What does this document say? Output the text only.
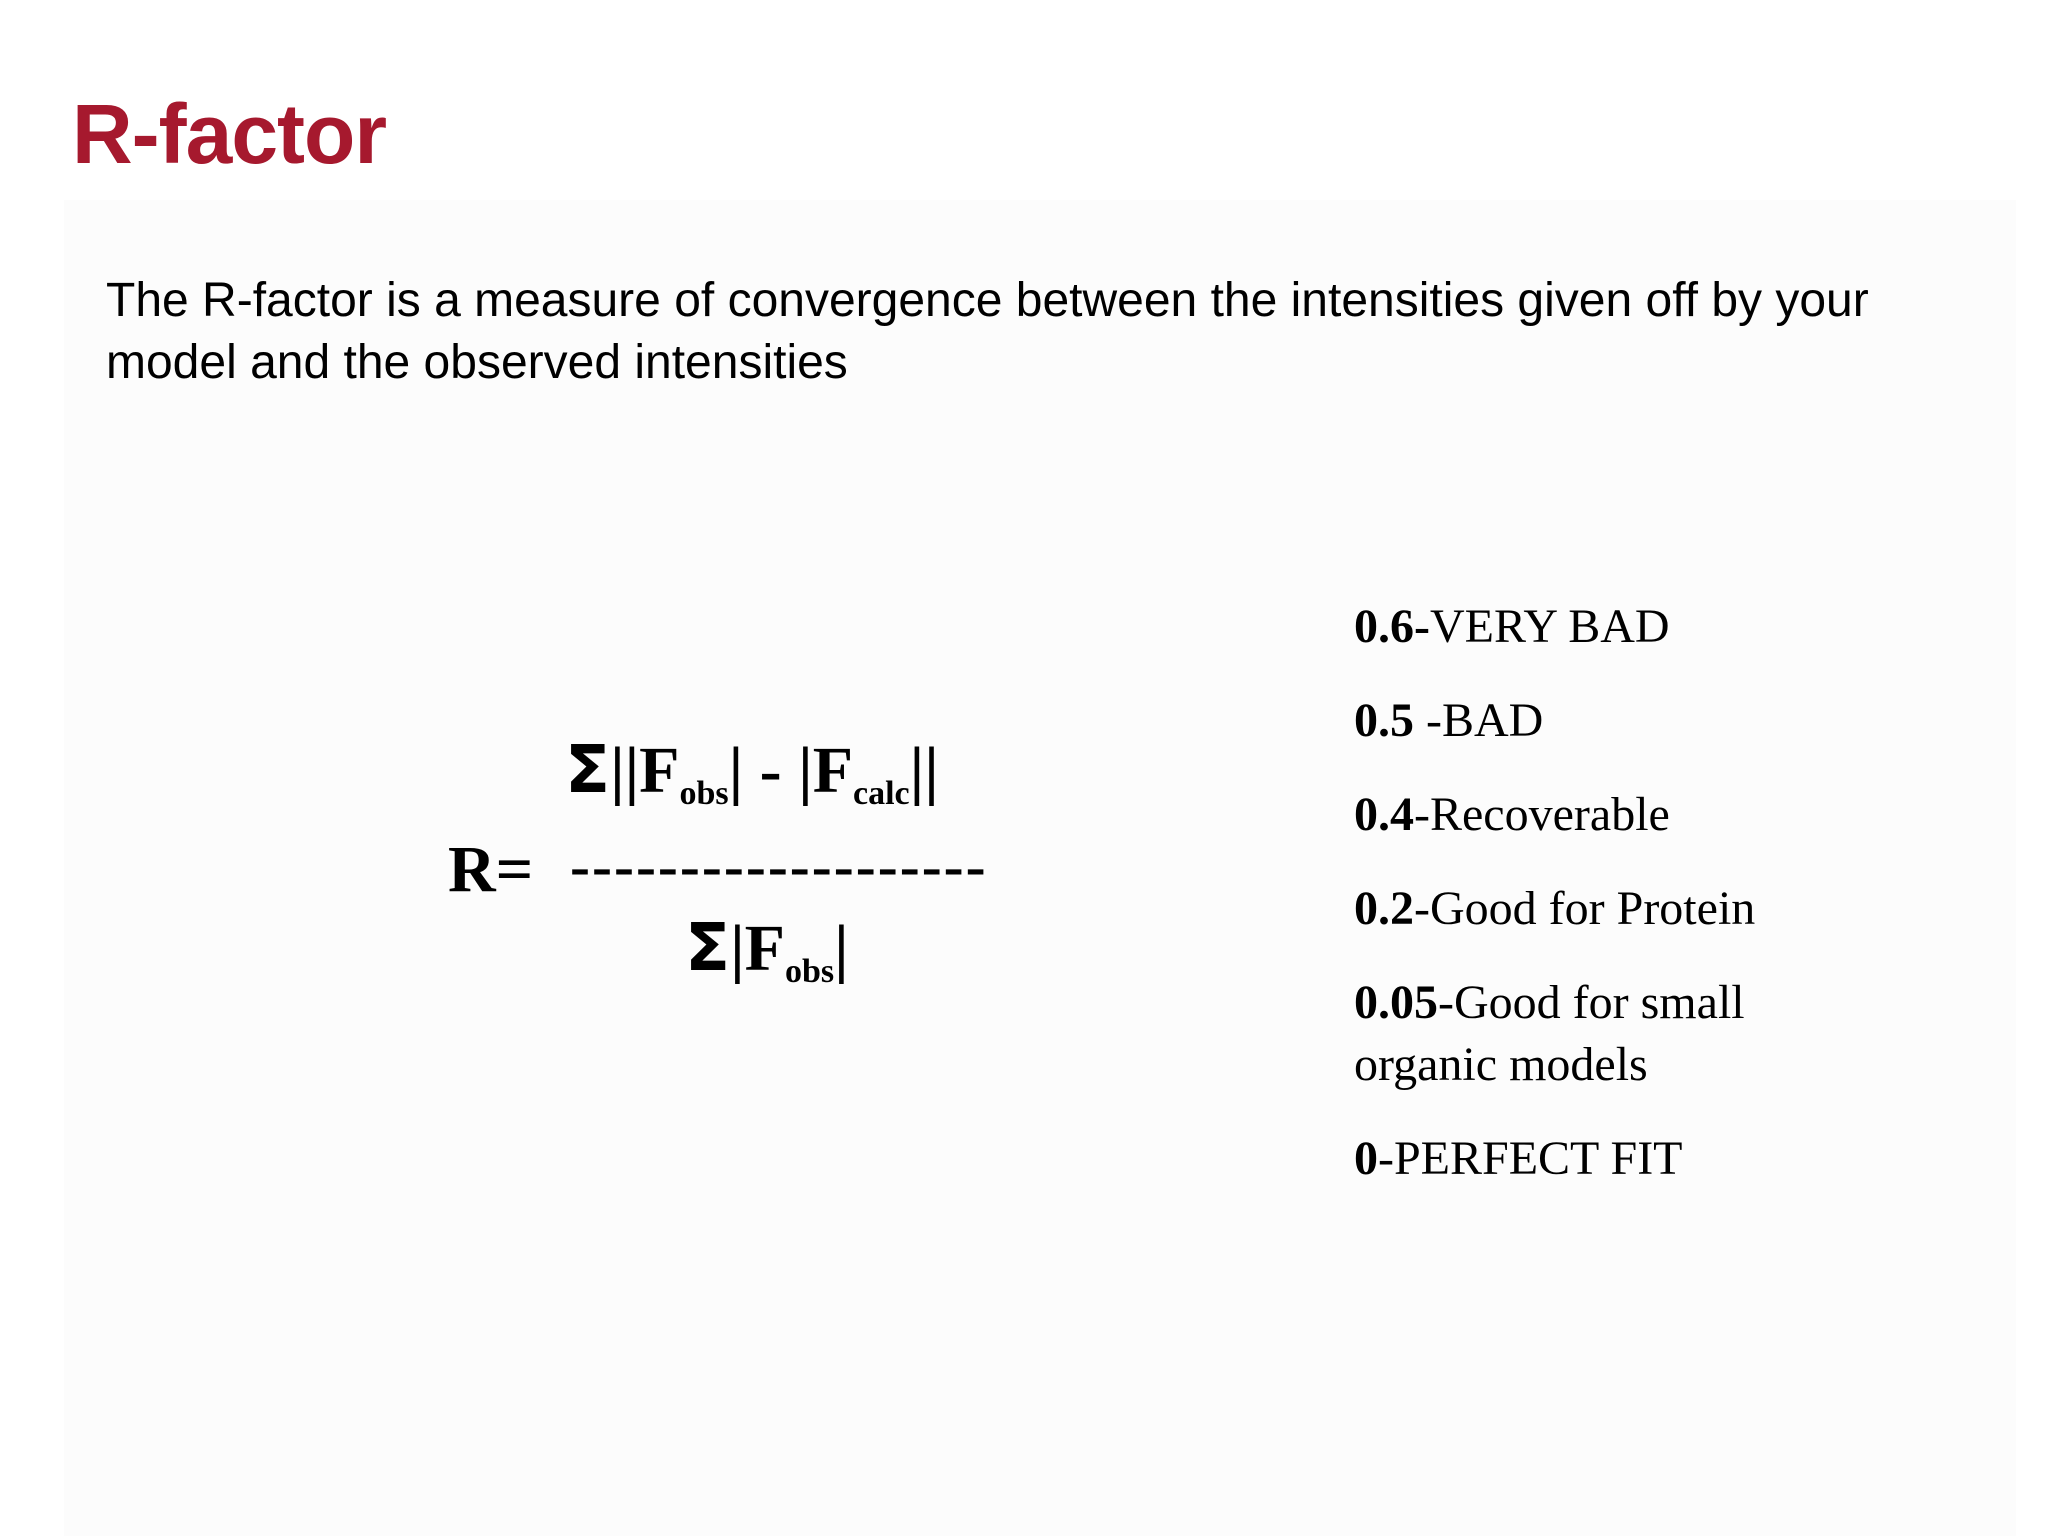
R-factor
The R-factor is a measure of convergence between the intensities given off by your model and the observed intensities
$\Sigma||F_{obs}| - |F_{calc}||$
R= -------------------
$\Sigma|F_{obs}|$
0.6-VERY BAD
0.5 -BAD
0.4-Recoverable
0.2-Good for Protein
0.05-Good for small organic models
0-PERFECT FIT
